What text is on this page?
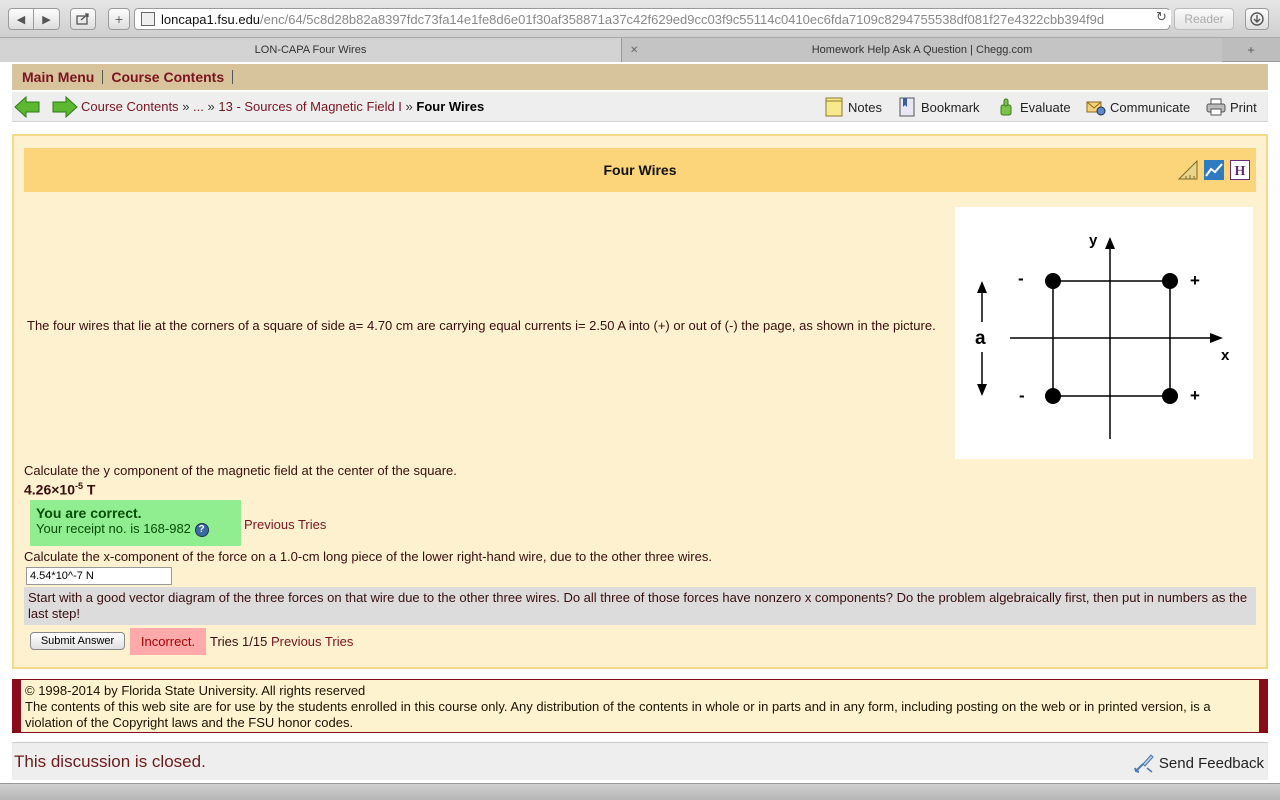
◀ ▶	+	loncapa1.fsu.edu /enc/64/5c8d28b82a8397fdc73fa14e1fe8d6e01f30af358871a37c42f629ed9cc03f9c55114c0410ec6fda7109c8294755538df081f27e4322cbb394f9d	↻	Reader
LON-CAPA Four Wires	✕	Homework Help Ask A Question | Chegg.com	+
Main Menu Course Contents
Course Contents » ... » 13 - Sources of Magnetic Field I » Four Wires	Notes	Bookmark	Evaluate	Communicate	Print
Four Wires	H
y
x
-	+
-	+
a
The four wires that lie at the corners of a square of side a= 4.70 cm are carrying equal currents i= 2.50 A into (+) or out of (-) the page, as shown in the picture.
Calculate the y component of the magnetic field at the center of the square.
$4.26\times 10^{-5}$ T
You are correct.
Your receipt no. is 168-982 ?	Previous Tries
Calculate the x-component of the force on a 1.0-cm long piece of the lower right-hand wire, due to the other three wires.
4.54*10^-7 N
Start with a good vector diagram of the three forces on that wire due to the other three wires. Do all three of those forces have nonzero x components? Do the problem algebraically first, then put in numbers as the last step!
Submit Answer	Incorrect.	Tries 1/15 Previous Tries
© 1998-2014 by Florida State University. All rights reserved
The contents of this web site are for use by the students enrolled in this course only. Any distribution of the contents in whole or in parts and in any form, including posting on the web or in printed version, is a violation of the Copyright laws and the FSU honor codes.
This discussion is closed.	Send Feedback
